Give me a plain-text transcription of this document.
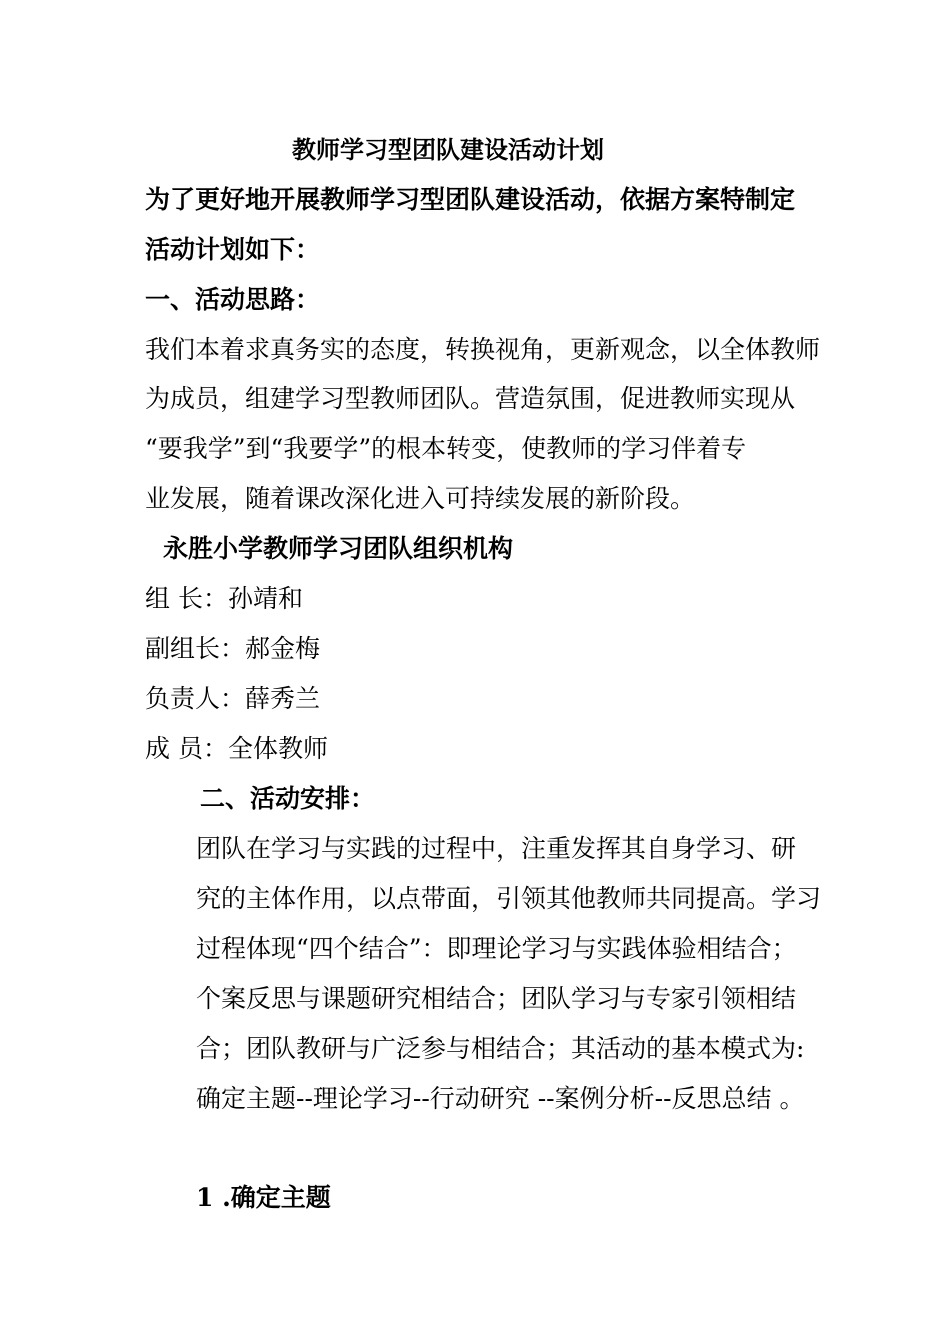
教师学习型团队建设活动计划
为了更好地开展教师学习型团队建设活动，依据方案特制定
活动计划如下：
一、活动思路：
我们本着求真务实的态度，转换视角，更新观念，以全体教师
为成员，组建学习型教师团队。营造氛围，促进教师实现从
“要我学”到“我要学”的根本转变，使教师的学习伴着专
业发展，随着课改深化进入可持续发展的新阶段。
永胜小学教师学习团队组织机构
组 长：孙靖和
副组长：郝金梅
负责人：薛秀兰
成 员：全体教师
二、活动安排：
团队在学习与实践的过程中，注重发挥其自身学习、研
究的主体作用，以点带面，引领其他教师共同提高。学习
过程体现“四个结合”：即理论学习与实践体验相结合；
个案反思与课题研究相结合；团队学习与专家引领相结
合；团队教研与广泛参与相结合；其活动的基本模式为:
确定主题--理论学习--行动研究 --案例分析--反思总结 。
1 .确定主题
